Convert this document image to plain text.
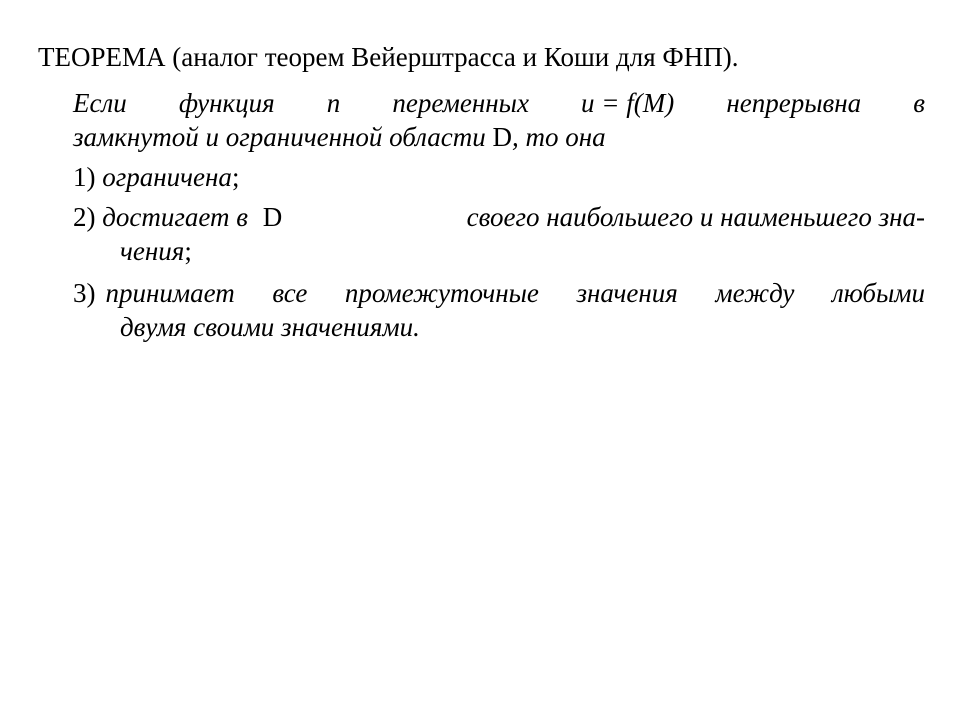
ТЕОРЕМА (аналог теорем Вейерштрасса и Коши для ФНП).
Если функция n переменных u = f(M) непрерывна в
замкнутой и ограниченной области D, то она
1) ограничена;
2) достигает в D	своего наибольшего и наименьшего зна-
чения;
3) принимает все промежуточные значения между любыми
двумя своими значениями.
